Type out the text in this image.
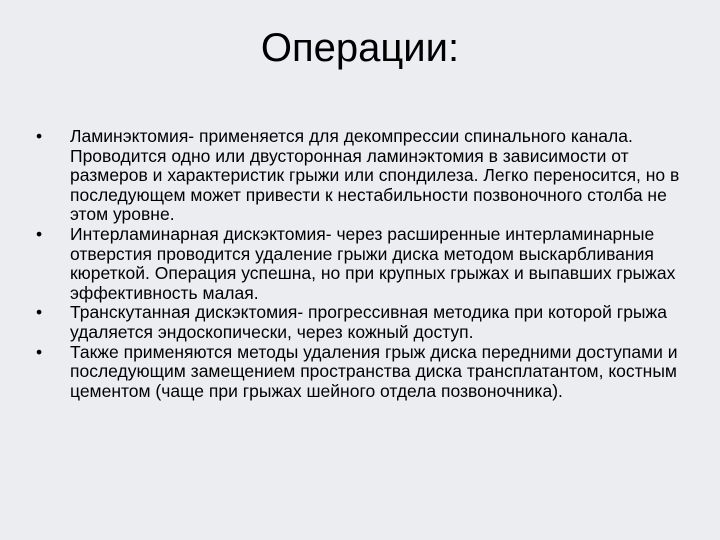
Операции:
•	Ламинэктомия- применяется для декомпрессии спинального канала. Проводится одно или двусторонная ламинэктомия в зависимости от размеров и характеристик грыжи или спондилеза. Легко переносится, но в последующем может привести к нестабильности позвоночного столба не этом уровне.
•	Интерламинарная дискэктомия- через расширенные интерламинарные отверстия проводится удаление грыжи диска методом выскарбливания кюреткой. Операция успешна, но при крупных грыжах и выпавших грыжах эффективность малая.
•	Транскутанная дискэктомия- прогрессивная методика при которой грыжа удаляется эндоскопически, через кожный доступ.
•	Также применяются методы удаления грыж диска передними доступами и последующим замещением пространства диска трансплатантом, костным цементом (чаще при грыжах шейного отдела позвоночника).
